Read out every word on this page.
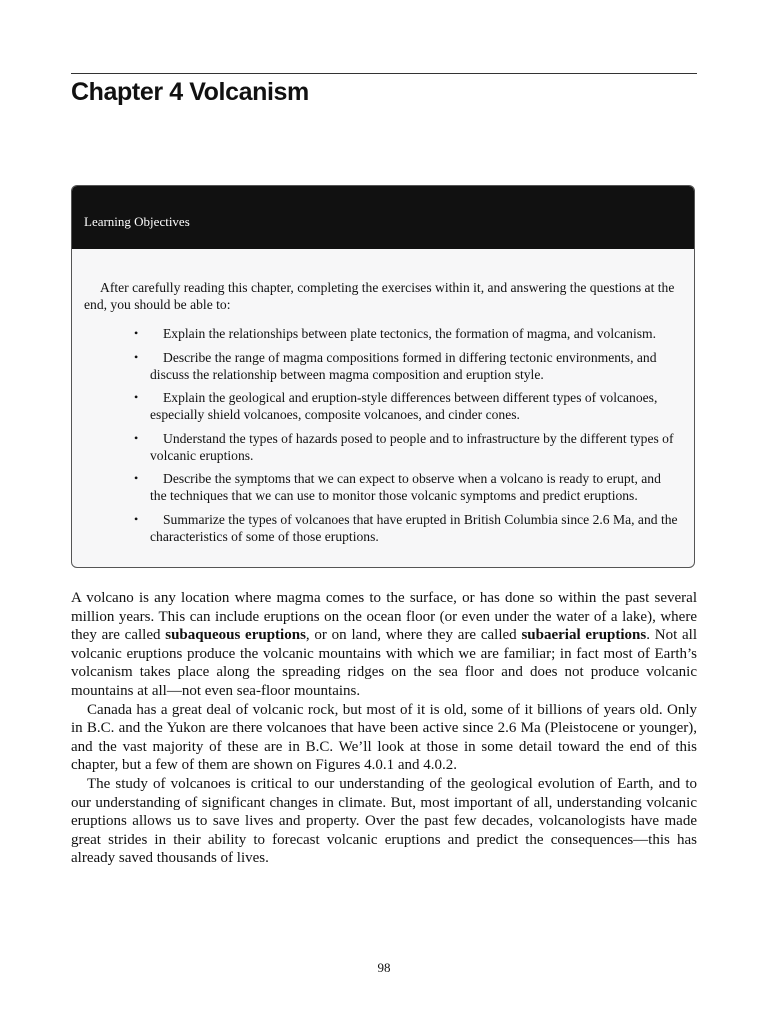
Chapter 4 Volcanism
Learning Objectives

After carefully reading this chapter, completing the exercises within it, and answering the questions at the end, you should be able to:

• Explain the relationships between plate tectonics, the formation of magma, and volcanism.
• Describe the range of magma compositions formed in differing tectonic environments, and discuss the relationship between magma composition and eruption style.
• Explain the geological and eruption-style differences between different types of volcanoes, especially shield volcanoes, composite volcanoes, and cinder cones.
• Understand the types of hazards posed to people and to infrastructure by the different types of volcanic eruptions.
• Describe the symptoms that we can expect to observe when a volcano is ready to erupt, and the techniques that we can use to monitor those volcanic symptoms and predict eruptions.
• Summarize the types of volcanoes that have erupted in British Columbia since 2.6 Ma, and the characteristics of some of those eruptions.

A volcano is any location where magma comes to the surface, or has done so within the past several million years. This can include eruptions on the ocean floor (or even under the water of a lake), where they are called subaqueous eruptions, or on land, where they are called subaerial eruptions. Not all volcanic eruptions produce the volcanic mountains with which we are familiar; in fact most of Earth’s volcanism takes place along the spreading ridges on the sea floor and does not produce volcanic mountains at all—not even sea-floor mountains.

Canada has a great deal of volcanic rock, but most of it is old, some of it billions of years old. Only in B.C. and the Yukon are there volcanoes that have been active since 2.6 Ma (Pleistocene or younger), and the vast majority of these are in B.C. We’ll look at those in some detail toward the end of this chapter, but a few of them are shown on Figures 4.0.1 and 4.0.2.

The study of volcanoes is critical to our understanding of the geological evolution of Earth, and to our understanding of significant changes in climate. But, most important of all, understanding volcanic eruptions allows us to save lives and property. Over the past few decades, volcanologists have made great strides in their ability to forecast volcanic eruptions and predict the consequences—this has already saved thousands of lives.

98
